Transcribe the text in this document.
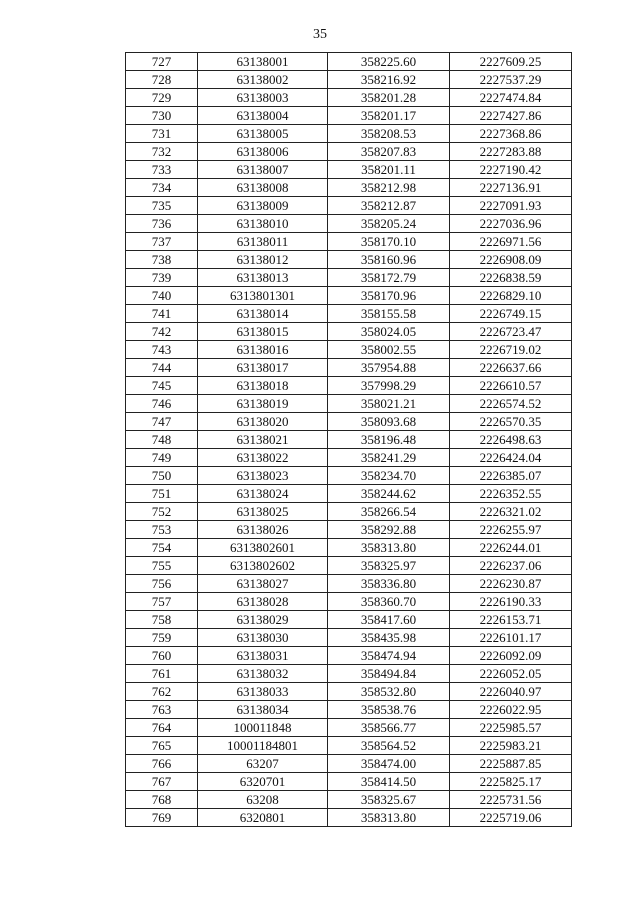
35
727	63138001	358225.60	2227609.25
728	63138002	358216.92	2227537.29
729	63138003	358201.28	2227474.84
730	63138004	358201.17	2227427.86
731	63138005	358208.53	2227368.86
732	63138006	358207.83	2227283.88
733	63138007	358201.11	2227190.42
734	63138008	358212.98	2227136.91
735	63138009	358212.87	2227091.93
736	63138010	358205.24	2227036.96
737	63138011	358170.10	2226971.56
738	63138012	358160.96	2226908.09
739	63138013	358172.79	2226838.59
740	6313801301	358170.96	2226829.10
741	63138014	358155.58	2226749.15
742	63138015	358024.05	2226723.47
743	63138016	358002.55	2226719.02
744	63138017	357954.88	2226637.66
745	63138018	357998.29	2226610.57
746	63138019	358021.21	2226574.52
747	63138020	358093.68	2226570.35
748	63138021	358196.48	2226498.63
749	63138022	358241.29	2226424.04
750	63138023	358234.70	2226385.07
751	63138024	358244.62	2226352.55
752	63138025	358266.54	2226321.02
753	63138026	358292.88	2226255.97
754	6313802601	358313.80	2226244.01
755	6313802602	358325.97	2226237.06
756	63138027	358336.80	2226230.87
757	63138028	358360.70	2226190.33
758	63138029	358417.60	2226153.71
759	63138030	358435.98	2226101.17
760	63138031	358474.94	2226092.09
761	63138032	358494.84	2226052.05
762	63138033	358532.80	2226040.97
763	63138034	358538.76	2226022.95
764	100011848	358566.77	2225985.57
765	10001184801	358564.52	2225983.21
766	63207	358474.00	2225887.85
767	6320701	358414.50	2225825.17
768	63208	358325.67	2225731.56
769	6320801	358313.80	2225719.06
